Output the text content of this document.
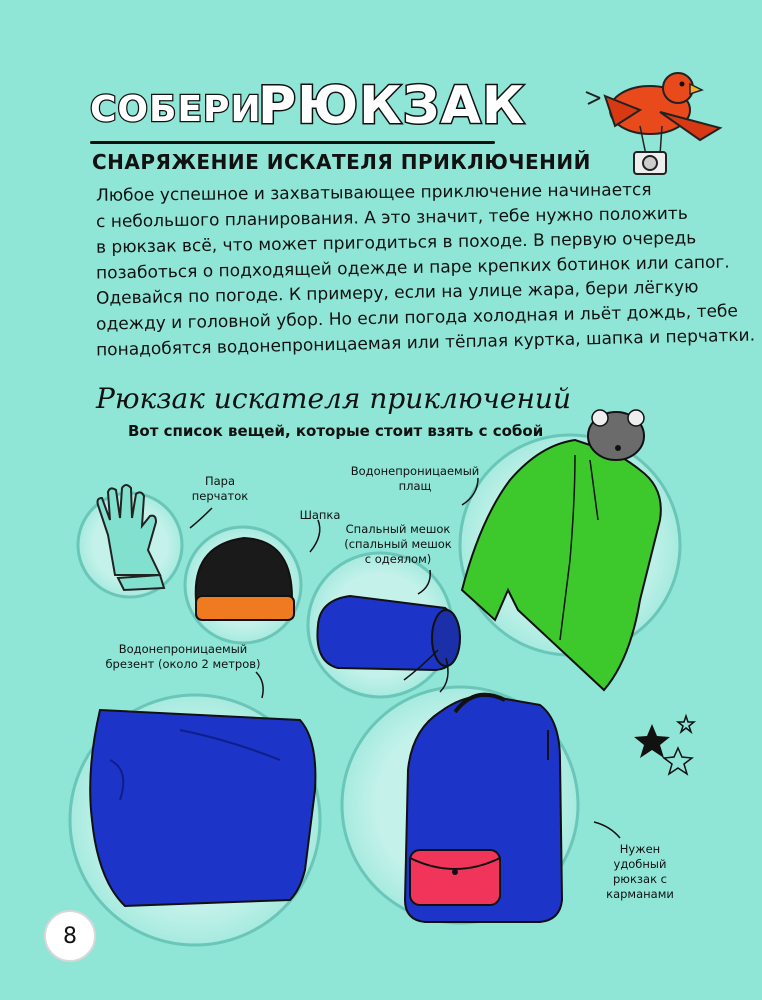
СОБЕРИ
РЮКЗАК
СНАРЯЖЕНИЕ ИСКАТЕЛЯ ПРИКЛЮЧЕНИЙ
Любое успешное и захватывающее приключение начинается
с небольшого планирования. А это значит, тебе нужно положить
в рюкзак всё, что может пригодиться в походе. В первую очередь
позаботься о подходящей одежде и паре крепких ботинок или сапог.
Одевайся по погоде. К примеру, если на улице жара, бери лёгкую
одежду и головной убор. Но если погода холодная и льёт дождь, тебе
понадобятся водонепроницаемая или тёплая куртка, шапка и перчатки.
Рюкзак искателя приключений
Вот список вещей, которые стоит взять с собой
Пара
перчаток
Шапка
Спальный мешок
(спальный мешок
с одеялом)
Водонепроницаемый
плащ
Водонепроницаемый
брезент (около 2 метров)
Нужен
удобный
рюкзак с карманами
8
